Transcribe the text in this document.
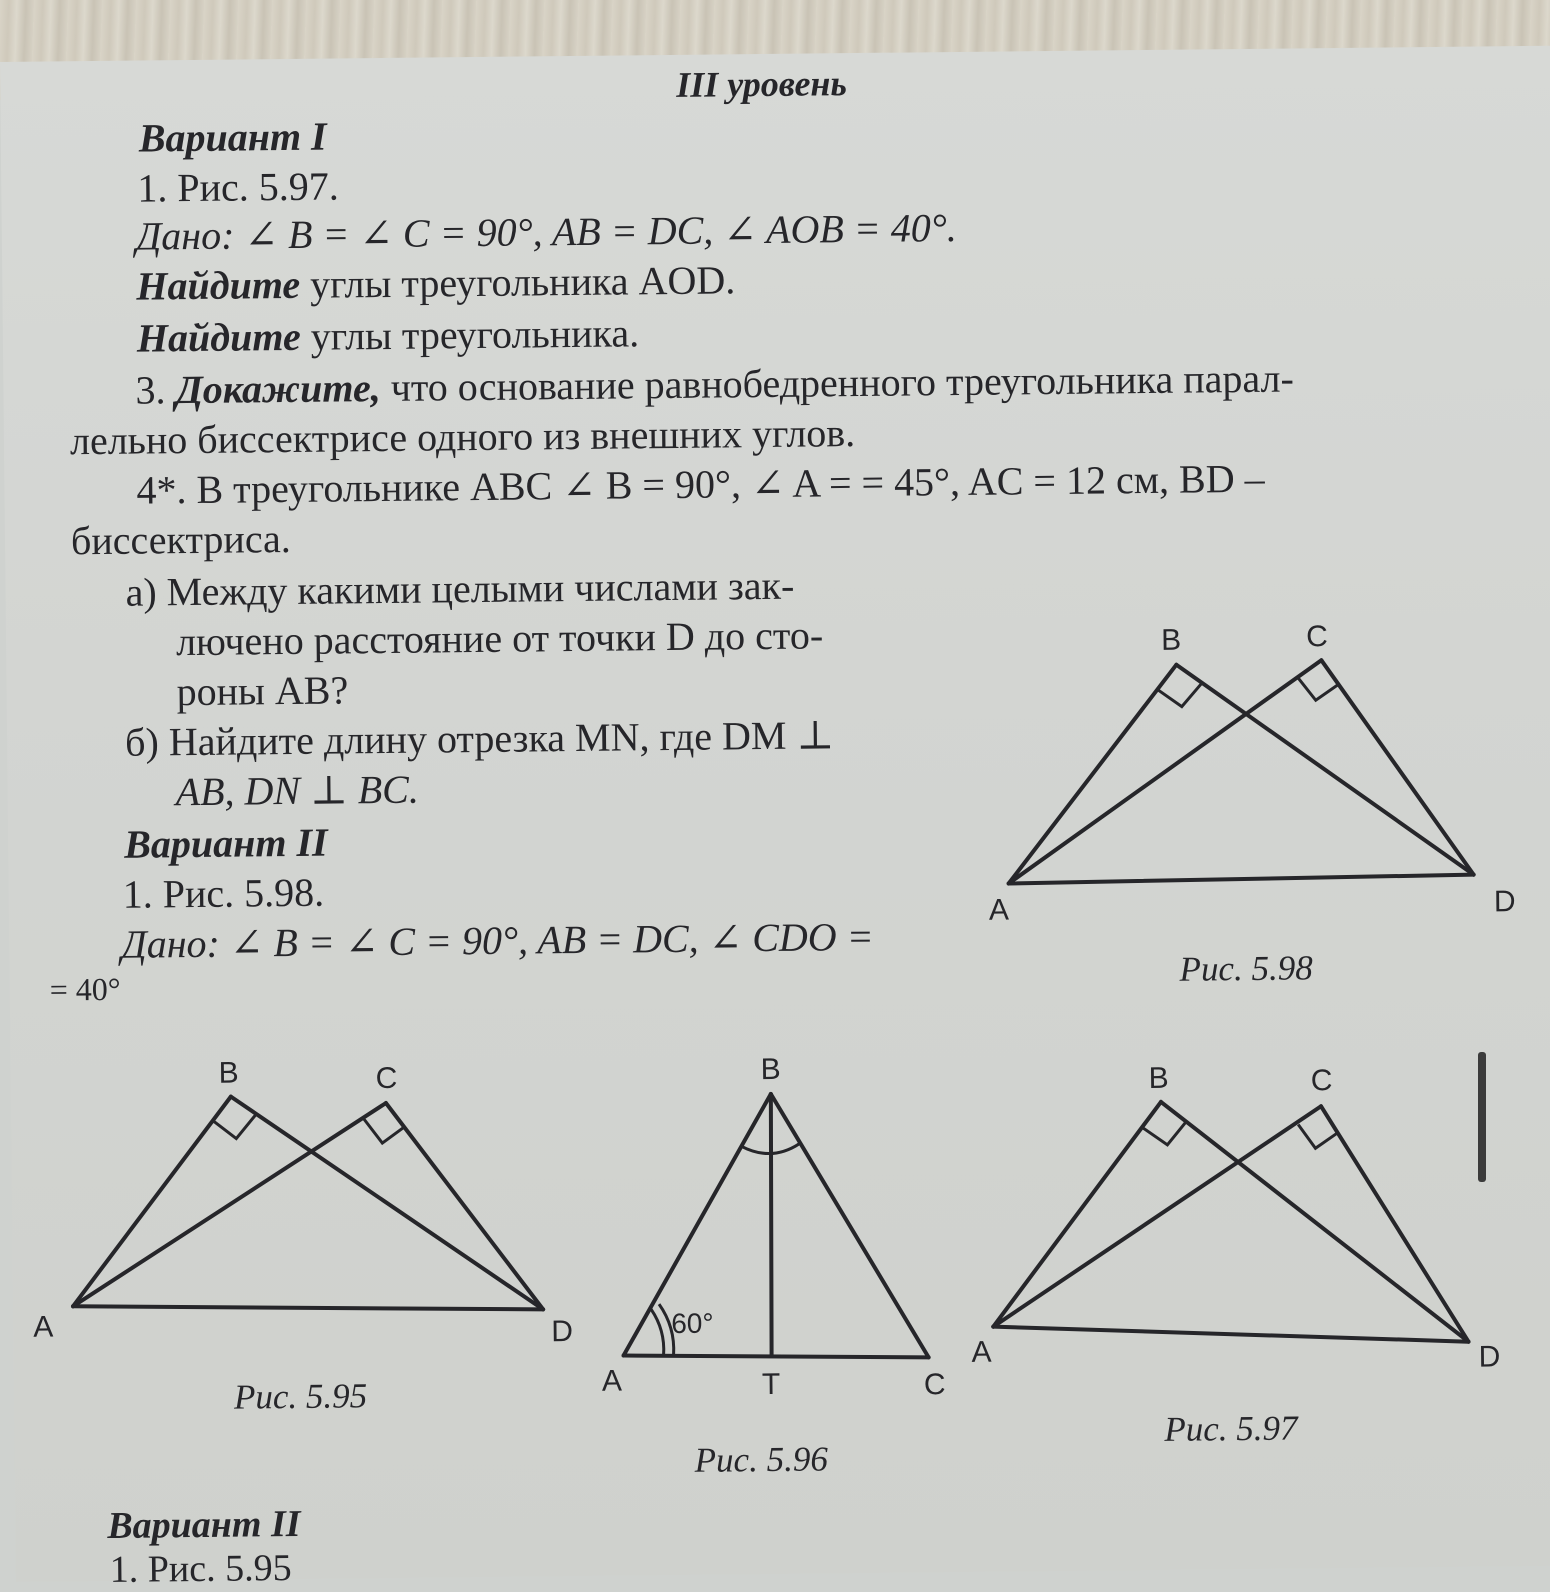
III уровень
Вариант I
1. Рис. 5.97.
Дано: ∠ B = ∠ C = 90°, AB = DC, ∠ AOB = 40°.
Найдите углы треугольника AOD.
Найдите углы треугольника.
3. Докажите, что основание равнобедренного треугольника парал-
лельно биссектрисе одного из внешних углов.
4*. В треугольнике ABC ∠ B = 90°, ∠ A = = 45°, AC = 12 см, BD –
биссектриса.
а) Между какими целыми числами зак-
лючено расстояние от точки D до сто-
роны AB?
б) Найдите длину отрезка MN, где DM ⊥
AB, DN ⊥ BC.
Вариант II
1. Рис. 5.98.
Дано: ∠ B = ∠ C = 90°, AB = DC, ∠ CDO =
= 40°
B	C
A	D
Рис. 5.98
B	C
A	D
Рис. 5.95
B
A	T	C
60°
Рис. 5.96
B	C
A	D
Рис. 5.97
Вариант II
1. Рис. 5.95
